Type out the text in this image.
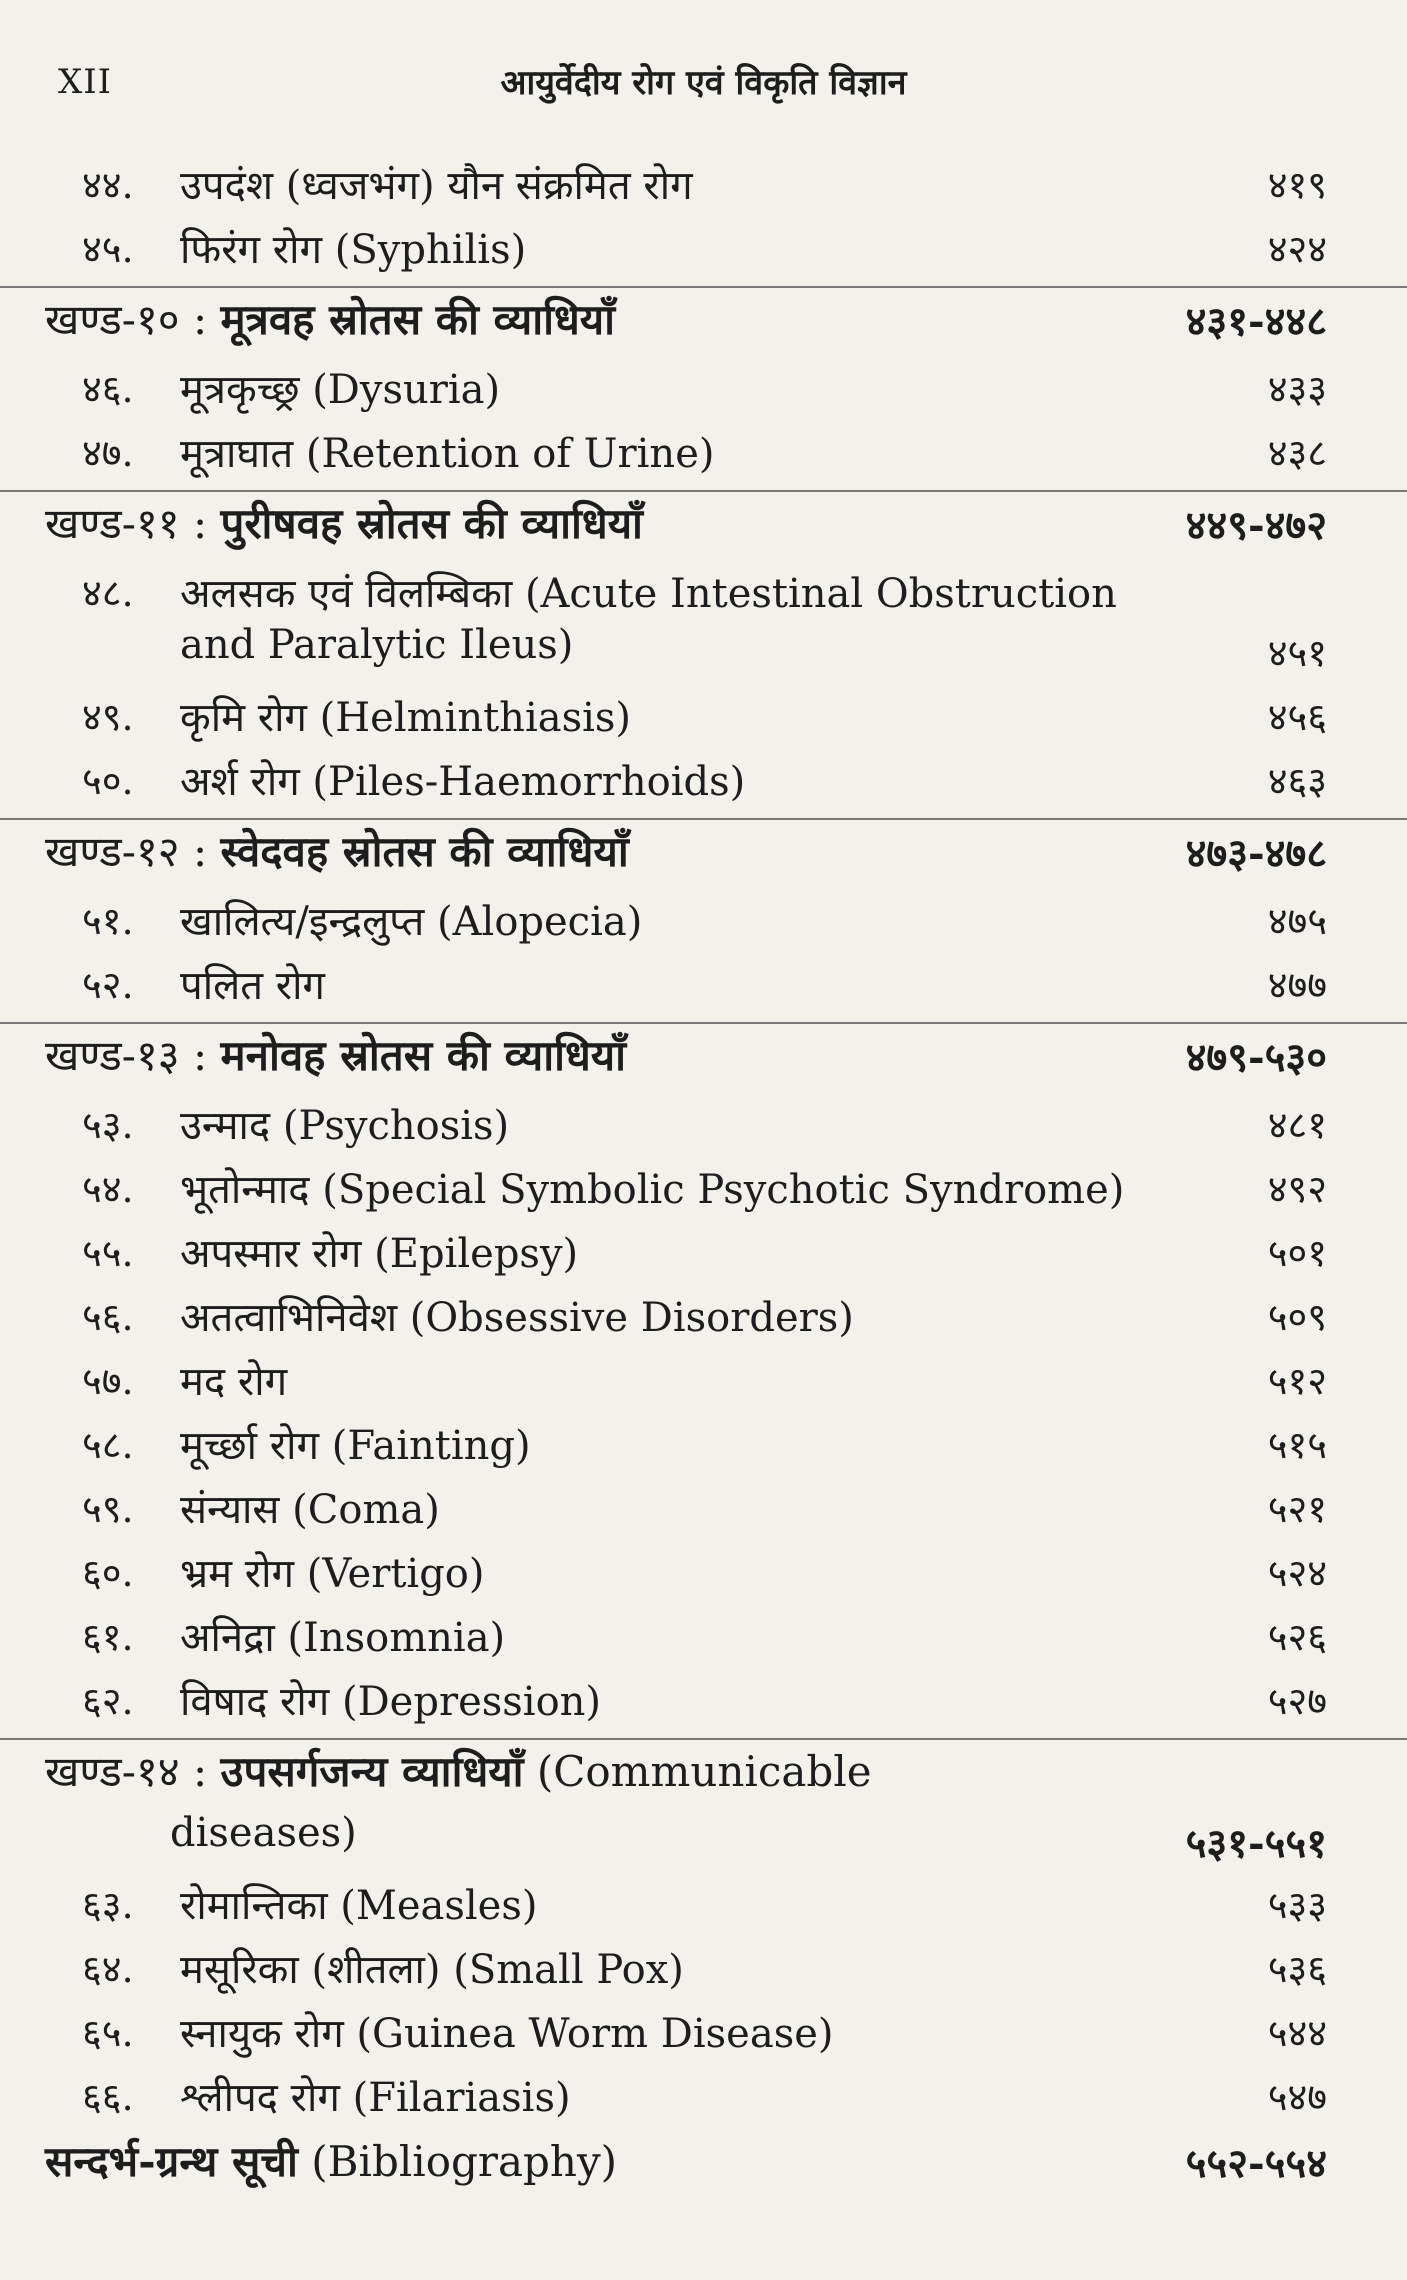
XII	आयुर्वेदीय रोग एवं विकृति विज्ञान
४४. उपदंश (ध्वजभंग) यौन संक्रमित रोग	४१९
४५. फिरंग रोग (Syphilis)	४२४
खण्ड-१० : मूत्रवह स्रोतस की व्याधियाँ	४३१-४४८
४६. मूत्रकृच्छ्र (Dysuria)	४३३
४७. मूत्राघात (Retention of Urine)	४३८
खण्ड-११ : पुरीषवह स्रोतस की व्याधियाँ	४४९-४७२
४८. अलसक एवं विलम्बिका (Acute Intestinal Obstruction
and Paralytic Ileus)	४५१
४९. कृमि रोग (Helminthiasis)	४५६
५०. अर्श रोग (Piles-Haemorrhoids)	४६३
खण्ड-१२ : स्वेदवह स्रोतस की व्याधियाँ	४७३-४७८
५१. खालित्य/इन्द्रलुप्त (Alopecia)	४७५
५२. पलित रोग	४७७
खण्ड-१३ : मनोवह स्रोतस की व्याधियाँ	४७९-५३०
५३. उन्माद (Psychosis)	४८१
५४. भूतोन्माद (Special Symbolic Psychotic Syndrome)	४९२
५५. अपस्मार रोग (Epilepsy)	५०१
५६. अतत्वाभिनिवेश (Obsessive Disorders)	५०९
५७. मद रोग	५१२
५८. मूर्च्छा रोग (Fainting)	५१५
५९. संन्यास (Coma)	५२१
६०. भ्रम रोग (Vertigo)	५२४
६१. अनिद्रा (Insomnia)	५२६
६२. विषाद रोग (Depression)	५२७
खण्ड-१४ : उपसर्गजन्य व्याधियाँ (Communicable
diseases)	५३१-५५१
६३. रोमान्तिका (Measles)	५३३
६४. मसूरिका (शीतला) (Small Pox)	५३६
६५. स्नायुक रोग (Guinea Worm Disease)	५४४
६६. श्लीपद रोग (Filariasis)	५४७
सन्दर्भ-ग्रन्थ सूची (Bibliography)	५५२-५५४
